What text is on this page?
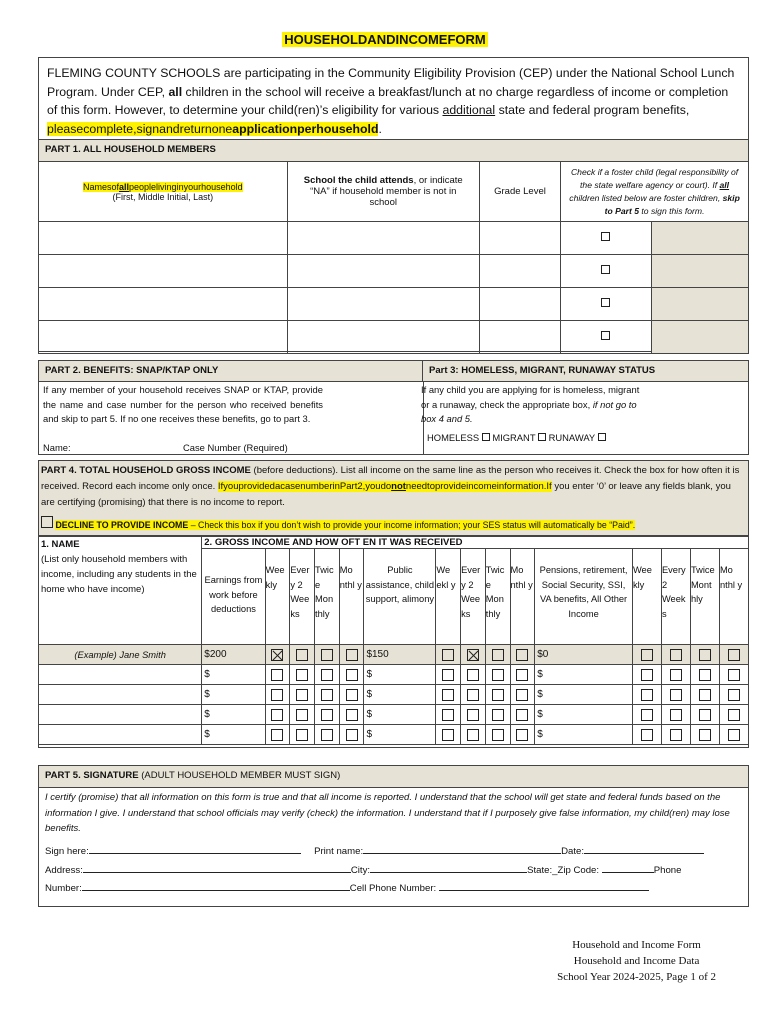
HOUSEHOLDANDINCOMEFORM
FLEMING COUNTY SCHOOLS are participating in the Community Eligibility Provision (CEP) under the National School Lunch Program. Under CEP, all children in the school will receive a breakfast/lunch at no charge regardless of income or completion of this form. However, to determine your child(ren)’s eligibility for various additional state and federal program benefits, pleasecomplete,signandreturnoneapplicationperhousehold.
PART 1. ALL HOUSEHOLD MEMBERS
Namesofallpeoplelivinginyourhousehold
(First, Middle Initial, Last)	School the child attends, or indicate “NA” if household member is not in school	Grade Level	Check if a foster child (legal responsibility of the state welfare agency or court). If all children listed below are foster children, skip to Part 5 to sign this form.	

PART 2. BENEFITS: SNAP/KTAP ONLY	Part 3: HOMELESS, MIGRANT, RUNAWAY STATUS
If any member of your household receives SNAP or KTAP, provide the name and case number for the person who received benefits and skip to part 5. If no one receives these benefits, go to part 3.
Name:	Case Number (Required)
If any child you are applying for is homeless, migrant or a runaway, check the appropriate box, if not go to box 4 and 5.
HOMELESS MIGRANT RUNAWAY
PART 4. TOTAL HOUSEHOLD GROSS INCOME (before deductions). List all income on the same line as the person who receives it. Check the box for how often it is received. Record each income only once. IfyouprovidedacasenumberinPart2,youdonotneedtoprovideincomeinformation.If you enter ‘0’ or leave any fields blank, you are certifying (promising) that there is no income to report.
DECLINE TO PROVIDE INCOME – Check this box if you don’t wish to provide your income information; your SES status will automatically be “Paid”.
1. NAME
(List only household members with income, including any students in the home who have income)	2. GROSS INCOME AND HOW OFT EN IT WAS RECEIVED														
	Earnings from work before deductions	Wee kly	Ever y 2 Wee ks	Twic e Mon thly	Mo nthl y	Public assistance, child support, alimony	We ekl y	Ever y 2 Wee ks	Twic e Mon thly	Mo nthl y	Pensions, retirement, Social Security, SSI, VA benefits, All Other Income	Wee kly	Every 2 Week s	Twice Mont hly	Mo nthl y
(Example) Jane Smith	$200					$150					$0				
	$					$					$				
	$					$					$				
	$					$					$				
	$					$					$				
PART 5. SIGNATURE (ADULT HOUSEHOLD MEMBER MUST SIGN)
I certify (promise) that all information on this form is true and that all income is reported. I understand that the school will get state and federal funds based on the information I give. I understand that school officials may verify (check) the information. I understand that if I purposely give false information, my child(ren) may lose benefits.
Sign here:	Print name:	Date:
Address:	City:	State:_Zip Code:	Phone
Number:	Cell Phone Number:
Household and Income Form
Household and Income Data
School Year 2024-2025, Page 1 of 2
